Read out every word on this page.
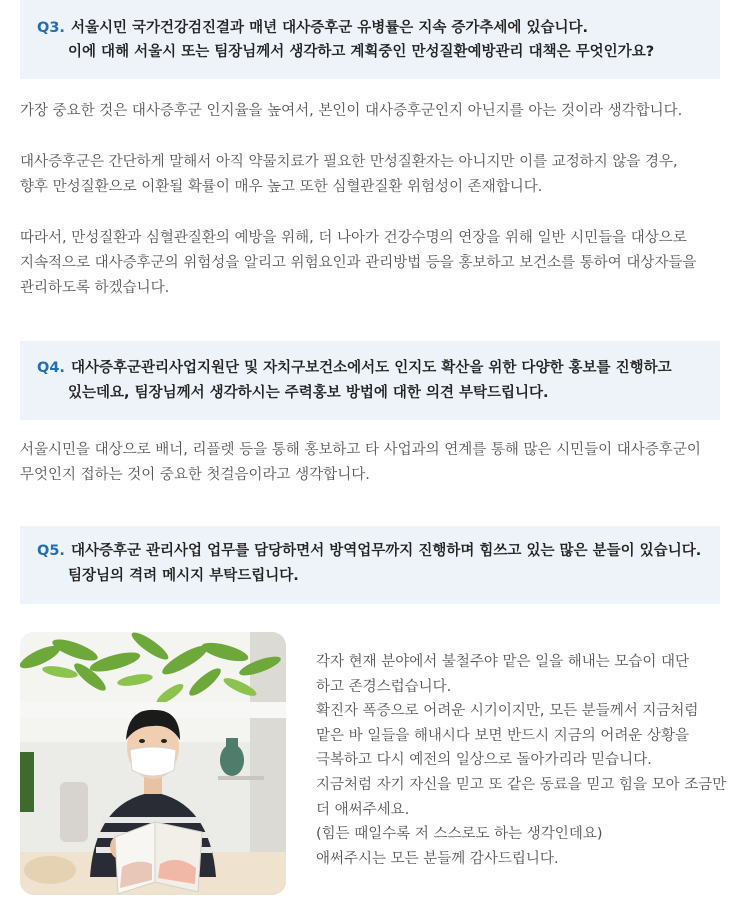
Q3. 서울시민 국가건강검진결과 매년 대사증후군 유병률은 지속 증가추세에 있습니다.
이에 대해 서울시 또는 팀장님께서 생각하고 계획중인 만성질환예방관리 대책은 무엇인가요?

가장 중요한 것은 대사증후군 인지율을 높여서, 본인이 대사증후군인지 아닌지를 아는 것이라 생각합니다.

대사증후군은 간단하게 말해서 아직 약물치료가 필요한 만성질환자는 아니지만 이를 교정하지 않을 경우,
향후 만성질환으로 이환될 확률이 매우 높고 또한 심혈관질환 위험성이 존재합니다.
따라서, 만성질환과 심혈관질환의 예방을 위해, 더 나아가 건강수명의 연장을 위해 일반 시민들을 대상으로
지속적으로 대사증후군의 위험성을 알리고 위험요인과 관리방법 등을 홍보하고 보건소를 통하여 대상자들을
관리하도록 하겠습니다.
Q4. 대사증후군관리사업지원단 및 자치구보건소에서도 인지도 확산을 위한 다양한 홍보를 진행하고
있는데요, 팀장님께서 생각하시는 주력홍보 방법에 대한 의견 부탁드립니다.
서울시민을 대상으로 배너, 리플렛 등을 통해 홍보하고 타 사업과의 연계를 통해 많은 시민들이 대사증후군이
무엇인지 접하는 것이 중요한 첫걸음이라고 생각합니다.
Q5. 대사증후군 관리사업 업무를 담당하면서 방역업무까지 진행하며 힘쓰고 있는 많은 분들이 있습니다.
팀장님의 격려 메시지 부탁드립니다.
각자 현재 분야에서 불철주야 맡은 일을 해내는 모습이 대단
하고 존경스럽습니다.
확진자 폭증으로 어려운 시기이지만, 모든 분들께서 지금처럼
맡은 바 일들을 해내시다 보면 반드시 지금의 어려운 상황을
극복하고 다시 예전의 일상으로 돌아가리라 믿습니다.
지금처럼 자기 자신을 믿고 또 같은 동료을 믿고 힘을 모아 조금만
더 애써주세요.
(힘든 때일수록 저 스스로도 하는 생각인데요)
애써주시는 모든 분들께 감사드립니다.
